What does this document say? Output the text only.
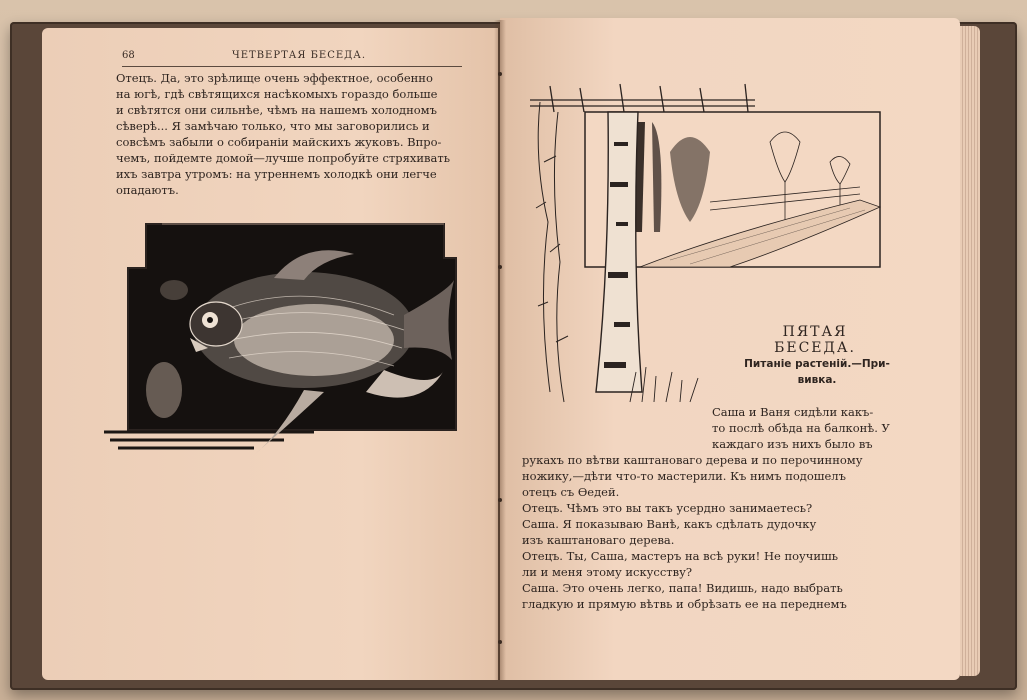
68	ЧЕТВЕРТАЯ БЕСЕДА.
Отецъ. Да, это зрѣлище очень эффектное, особенно
на югѣ, гдѣ свѣтящихся насѣкомыхъ гораздо больше
и свѣтятся они сильнѣе, чѣмъ на нашемъ холодномъ
сѣверѣ... Я замѣчаю только, что мы заговорились и
совсѣмъ забыли о собираніи майскихъ жуковъ. Впро-
чемъ, пойдемте домой—лучше попробуйте стряхивать
ихъ завтра утромъ: на утреннемъ холодкѣ они легче
опадаютъ.
ПЯТАЯ БЕСЕДА.
Питаніе растеній.—При-
вивка.
Саша и Ваня сидѣли какъ-
то послѣ обѣда на балконѣ. У
каждаго изъ нихъ было въ
рукахъ по вѣтви каштановаго дерева и по перочинному
ножику,—дѣти что-то мастерили. Къ нимъ подошелъ
отецъ съ Ѳедей.
Отецъ. Чѣмъ это вы такъ усердно занимаетесь?
Саша. Я показываю Ванѣ, какъ сдѣлать дудочку
изъ каштановаго дерева.
Отецъ. Ты, Саша, мастеръ на всѣ руки! Не поучишь
ли и меня этому искусству?
Саша. Это очень легко, папа! Видишь, надо выбрать
гладкую и прямую вѣтвь и обрѣзать ее на переднемъ
